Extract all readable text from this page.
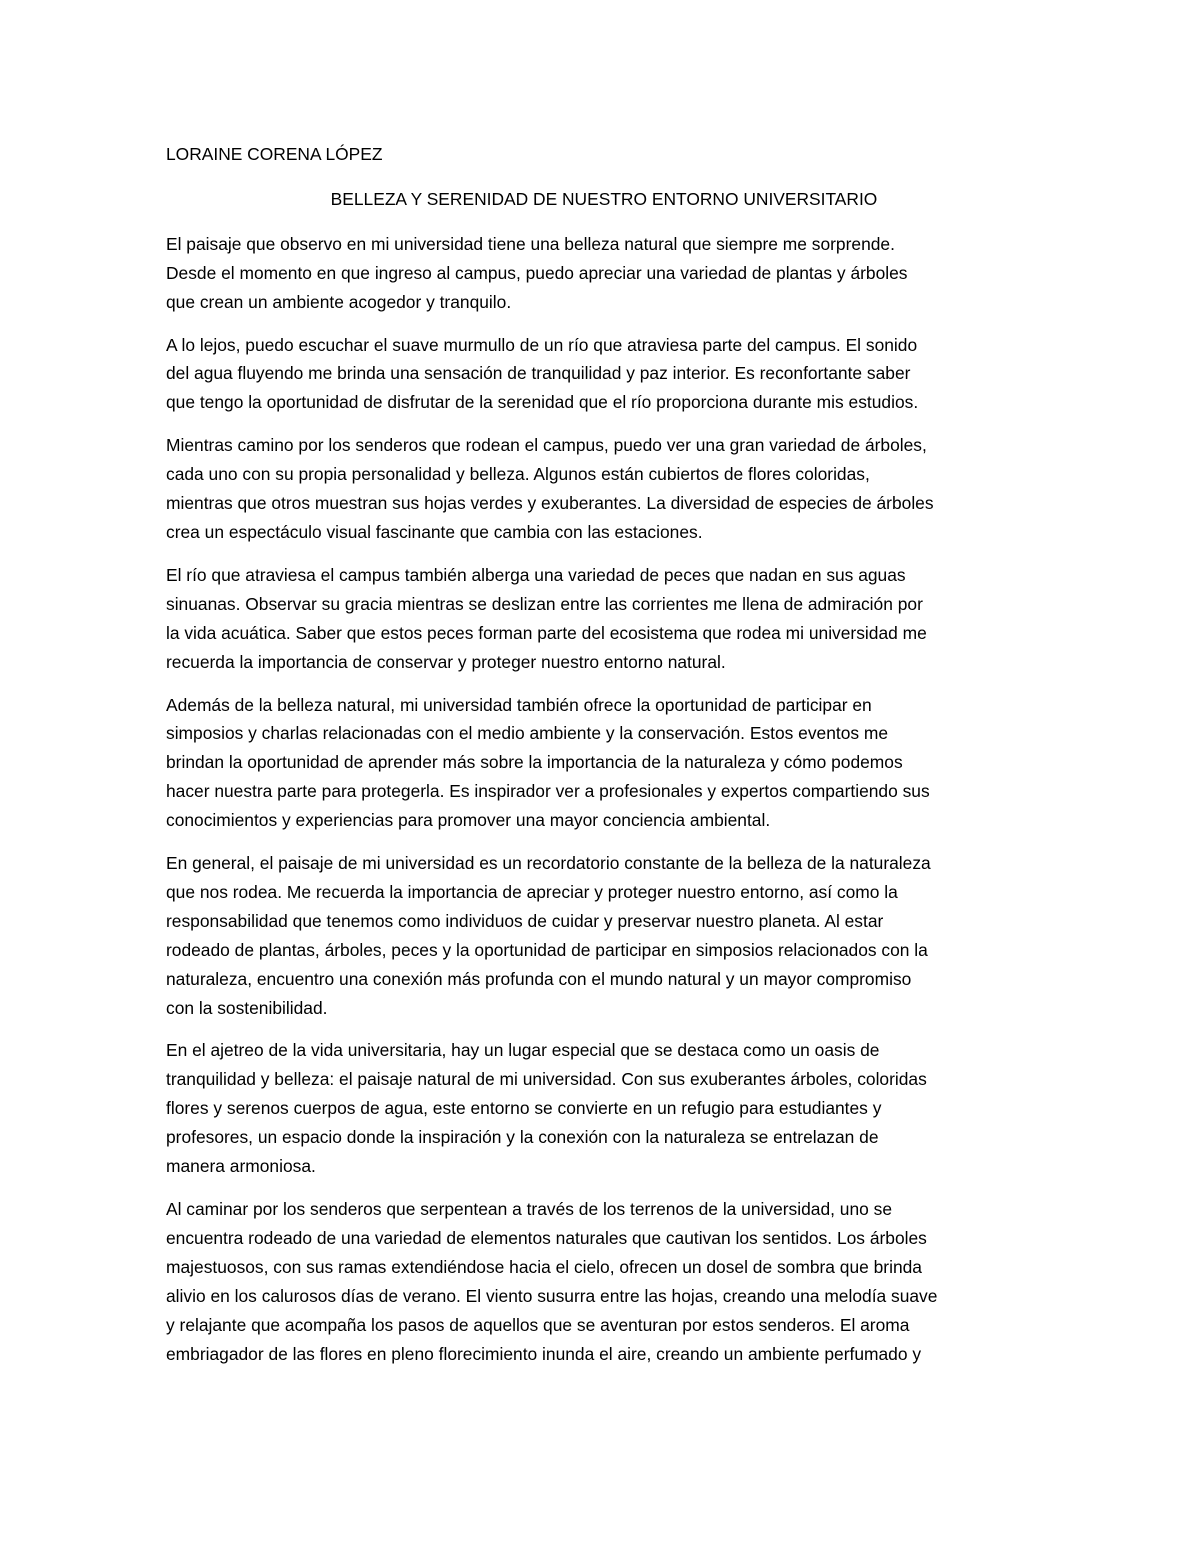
LORAINE CORENA LÓPEZ

BELLEZA Y SERENIDAD DE NUESTRO ENTORNO UNIVERSITARIO

El paisaje que observo en mi universidad tiene una belleza natural que siempre me sorprende.
Desde el momento en que ingreso al campus, puedo apreciar una variedad de plantas y árboles
que crean un ambiente acogedor y tranquilo.

A lo lejos, puedo escuchar el suave murmullo de un río que atraviesa parte del campus. El sonido
del agua fluyendo me brinda una sensación de tranquilidad y paz interior. Es reconfortante saber
que tengo la oportunidad de disfrutar de la serenidad que el río proporciona durante mis estudios.

Mientras camino por los senderos que rodean el campus, puedo ver una gran variedad de árboles,
cada uno con su propia personalidad y belleza. Algunos están cubiertos de flores coloridas,
mientras que otros muestran sus hojas verdes y exuberantes. La diversidad de especies de árboles
crea un espectáculo visual fascinante que cambia con las estaciones.

El río que atraviesa el campus también alberga una variedad de peces que nadan en sus aguas
sinuanas. Observar su gracia mientras se deslizan entre las corrientes me llena de admiración por
la vida acuática. Saber que estos peces forman parte del ecosistema que rodea mi universidad me
recuerda la importancia de conservar y proteger nuestro entorno natural.

Además de la belleza natural, mi universidad también ofrece la oportunidad de participar en
simposios y charlas relacionadas con el medio ambiente y la conservación. Estos eventos me
brindan la oportunidad de aprender más sobre la importancia de la naturaleza y cómo podemos
hacer nuestra parte para protegerla. Es inspirador ver a profesionales y expertos compartiendo sus
conocimientos y experiencias para promover una mayor conciencia ambiental.

En general, el paisaje de mi universidad es un recordatorio constante de la belleza de la naturaleza
que nos rodea. Me recuerda la importancia de apreciar y proteger nuestro entorno, así como la
responsabilidad que tenemos como individuos de cuidar y preservar nuestro planeta. Al estar
rodeado de plantas, árboles, peces y la oportunidad de participar en simposios relacionados con la
naturaleza, encuentro una conexión más profunda con el mundo natural y un mayor compromiso
con la sostenibilidad.

En el ajetreo de la vida universitaria, hay un lugar especial que se destaca como un oasis de
tranquilidad y belleza: el paisaje natural de mi universidad. Con sus exuberantes árboles, coloridas
flores y serenos cuerpos de agua, este entorno se convierte en un refugio para estudiantes y
profesores, un espacio donde la inspiración y la conexión con la naturaleza se entrelazan de
manera armoniosa.

Al caminar por los senderos que serpentean a través de los terrenos de la universidad, uno se
encuentra rodeado de una variedad de elementos naturales que cautivan los sentidos. Los árboles
majestuosos, con sus ramas extendiéndose hacia el cielo, ofrecen un dosel de sombra que brinda
alivio en los calurosos días de verano. El viento susurra entre las hojas, creando una melodía suave
y relajante que acompaña los pasos de aquellos que se aventuran por estos senderos. El aroma
embriagador de las flores en pleno florecimiento inunda el aire, creando un ambiente perfumado y
